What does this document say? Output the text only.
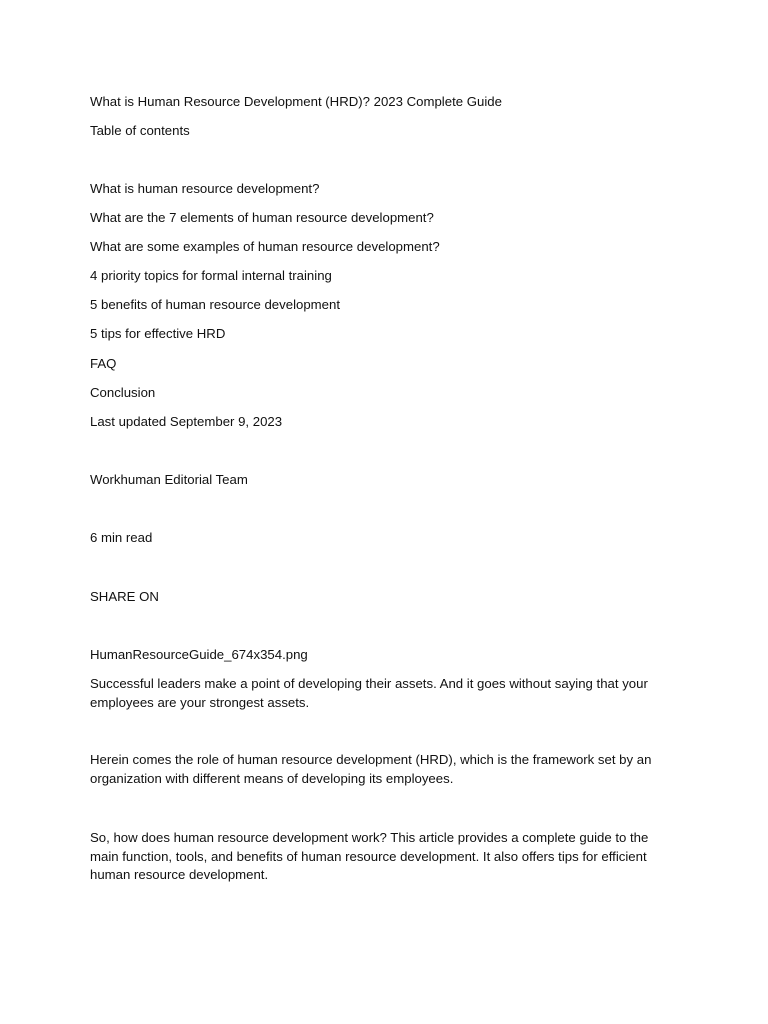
What is Human Resource Development (HRD)? 2023 Complete Guide
Table of contents
What is human resource development?
What are the 7 elements of human resource development?
What are some examples of human resource development?
4 priority topics for formal internal training
5 benefits of human resource development
5 tips for effective HRD
FAQ
Conclusion
Last updated September 9, 2023
Workhuman Editorial Team
6 min read
SHARE ON
HumanResourceGuide_674x354.png
Successful leaders make a point of developing their assets. And it goes without saying that your employees are your strongest assets.
Herein comes the role of human resource development (HRD), which is the framework set by an organization with different means of developing its employees.
So, how does human resource development work? This article provides a complete guide to the main function, tools, and benefits of human resource development. It also offers tips for efficient human resource development.
